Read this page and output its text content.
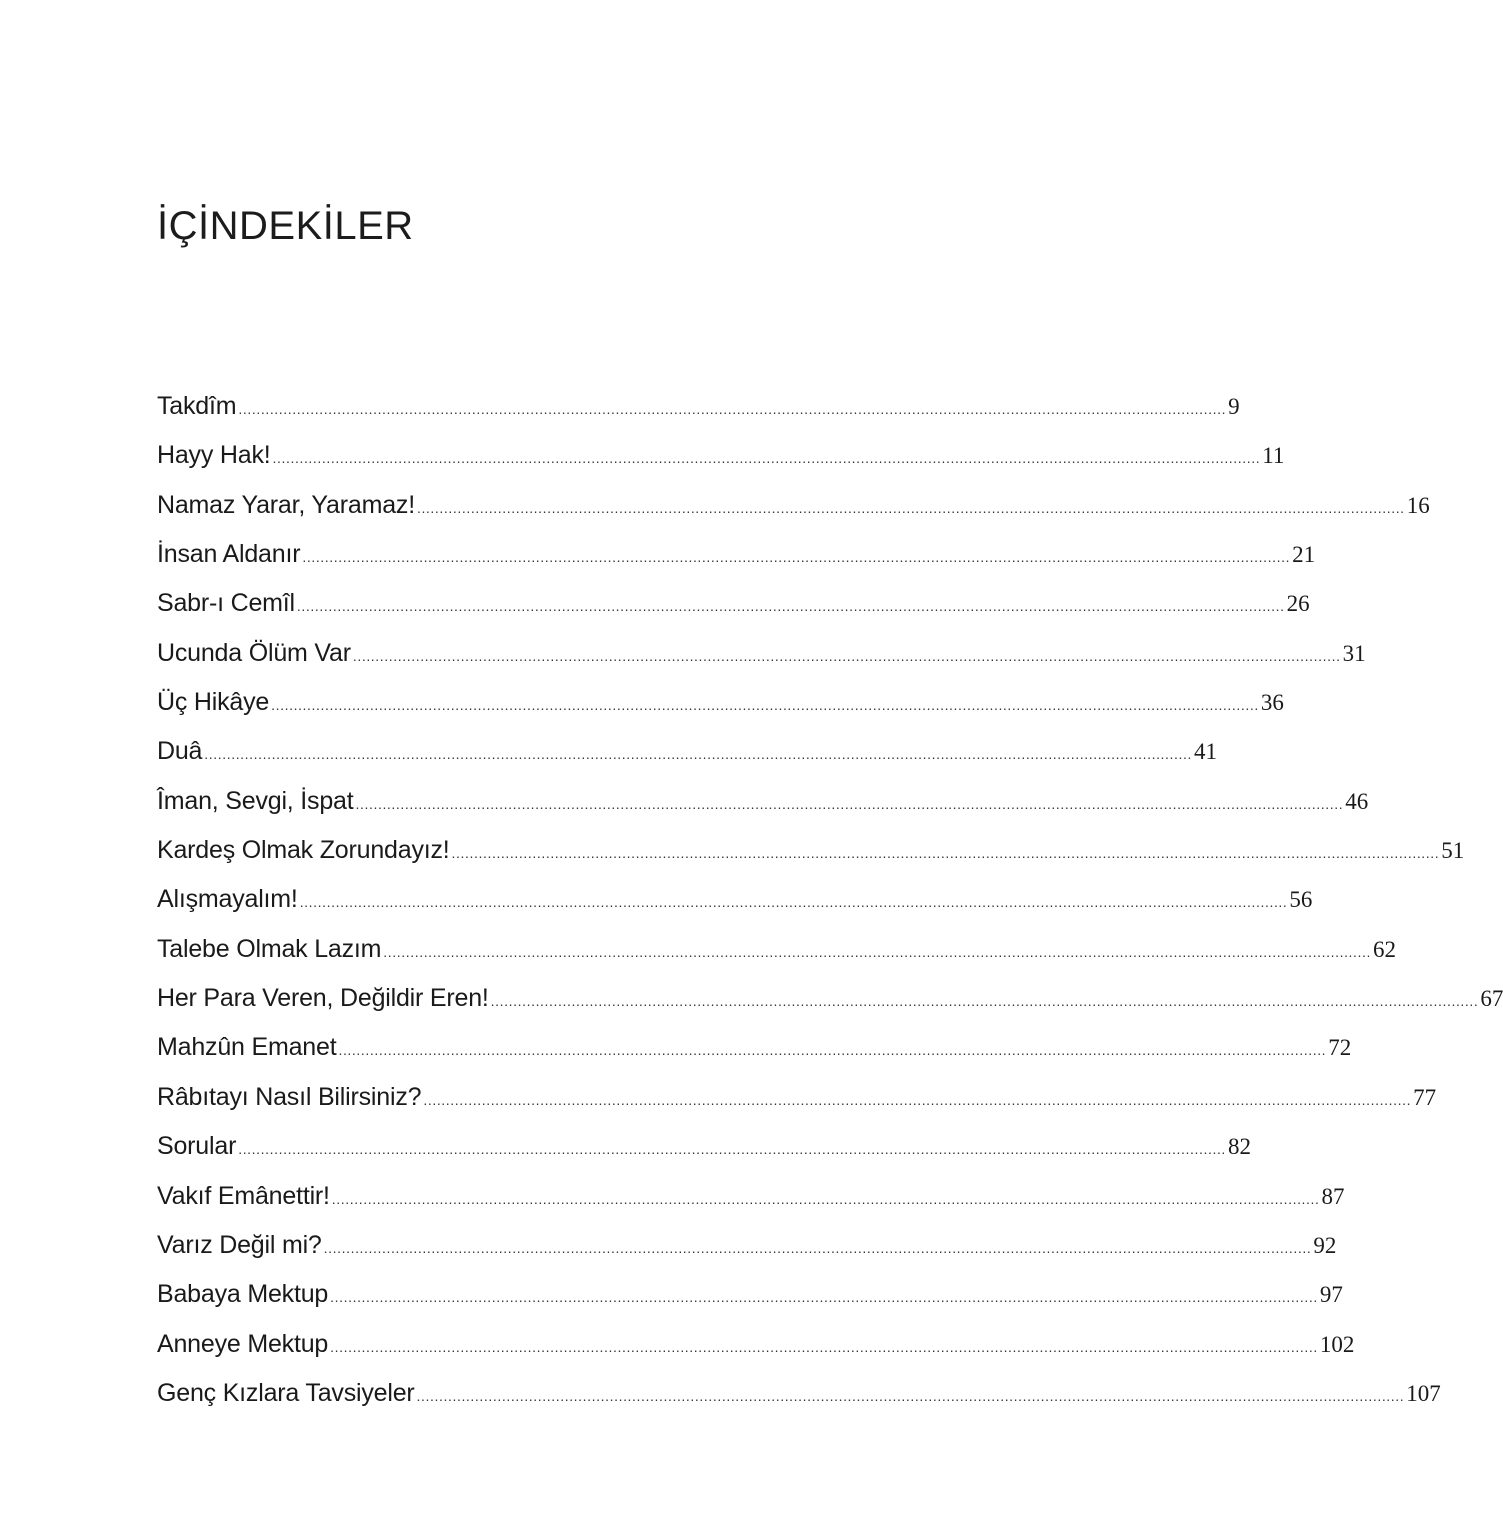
İÇİNDEKİLER
Takdîm ............................................................................................................................................................................................................................ 9
Hayy Hak! ............................................................................................................................................................................................................................ 11
Namaz Yarar, Yaramaz! ............................................................................................................................................................................................................................ 16
İnsan Aldanır ............................................................................................................................................................................................................................ 21
Sabr-ı Cemîl ............................................................................................................................................................................................................................ 26
Ucunda Ölüm Var ............................................................................................................................................................................................................................ 31
Üç Hikâye ............................................................................................................................................................................................................................ 36
Duâ ............................................................................................................................................................................................................................ 41
Îman, Sevgi, İspat ............................................................................................................................................................................................................................ 46
Kardeş Olmak Zorundayız! ............................................................................................................................................................................................................................ 51
Alışmayalım! ............................................................................................................................................................................................................................ 56
Talebe Olmak Lazım ............................................................................................................................................................................................................................ 62
Her Para Veren, Değildir Eren! ............................................................................................................................................................................................................................ 67
Mahzûn Emanet ............................................................................................................................................................................................................................ 72
Râbıtayı Nasıl Bilirsiniz? ............................................................................................................................................................................................................................ 77
Sorular ............................................................................................................................................................................................................................ 82
Vakıf Emânettir! ............................................................................................................................................................................................................................ 87
Varız Değil mi? ............................................................................................................................................................................................................................ 92
Babaya Mektup ............................................................................................................................................................................................................................ 97
Anneye Mektup ............................................................................................................................................................................................................................ 102
Genç Kızlara Tavsiyeler ............................................................................................................................................................................................................................ 107
